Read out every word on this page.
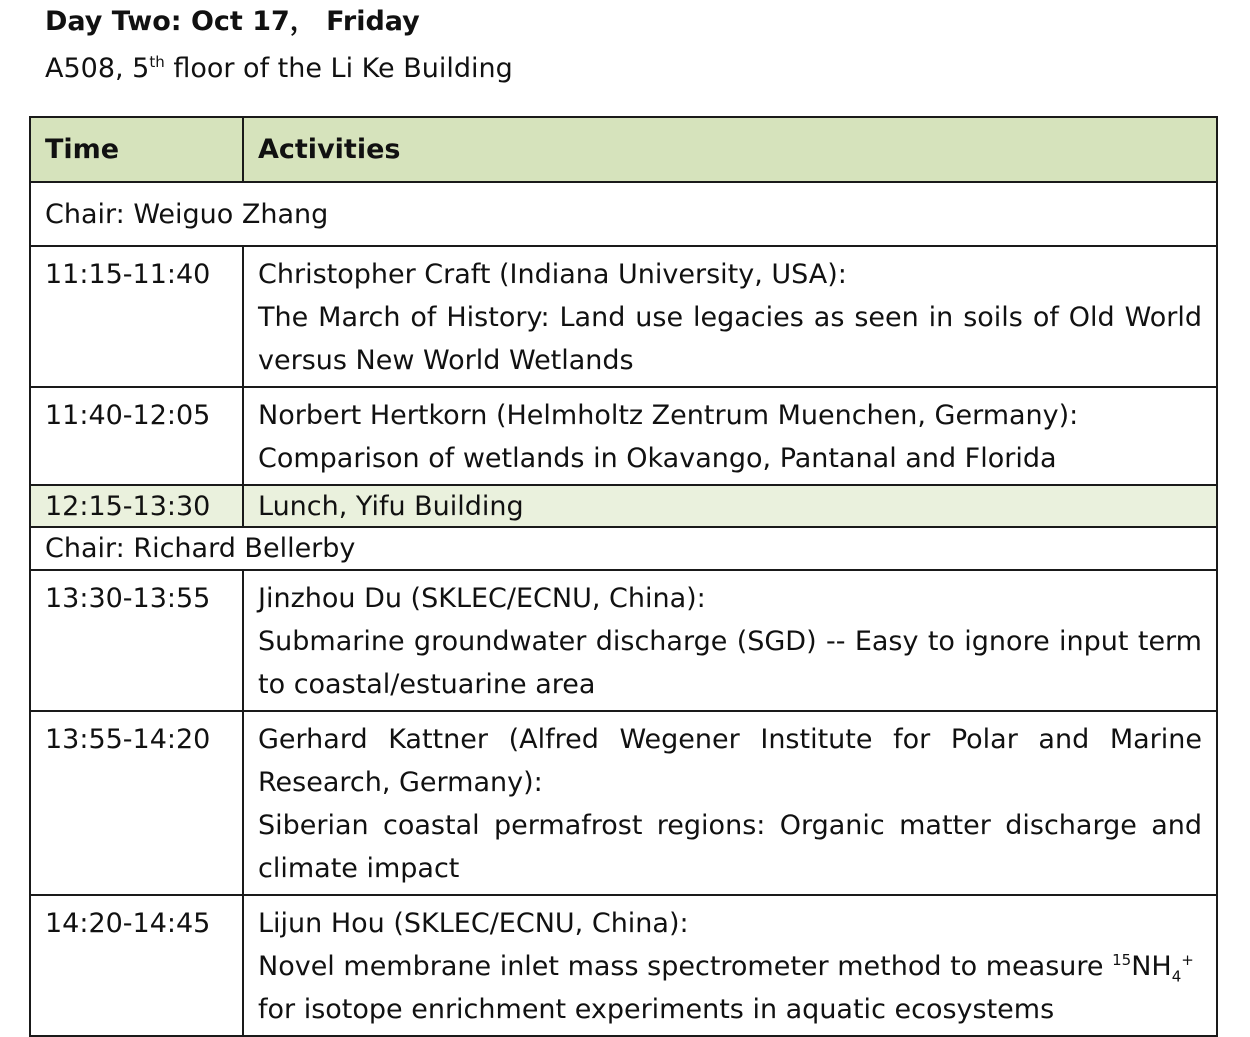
Day Two: Oct 17， Friday
A508, 5th floor of the Li Ke Building
Time	Activities
Chair: Weiguo Zhang	

11:15-11:40	Christopher Craft (Indiana University, USA):
The March of History: Land use legacies as seen in soils of Old World versus New World Wetlands

11:40-12:05	Norbert Hertkorn (Helmholtz Zentrum Muenchen, Germany):
Comparison of wetlands in Okavango, Pantanal and Florida

12:15-13:30	Lunch, Yifu Building
Chair: Richard Bellerby	

13:30-13:55	Jinzhou Du (SKLEC/ECNU, China):
Submarine groundwater discharge (SGD) -- Easy to ignore input term to coastal/estuarine area

13:55-14:20	Gerhard Kattner (Alfred Wegener Institute for Polar and Marine Research, Germany):
Siberian coastal permafrost regions: Organic matter discharge and climate impact

14:20-14:45	Lijun Hou (SKLEC/ECNU, China):
Novel membrane inlet mass spectrometer method to measure $^{15}NH_4^+$
for isotope enrichment experiments in aquatic ecosystems
